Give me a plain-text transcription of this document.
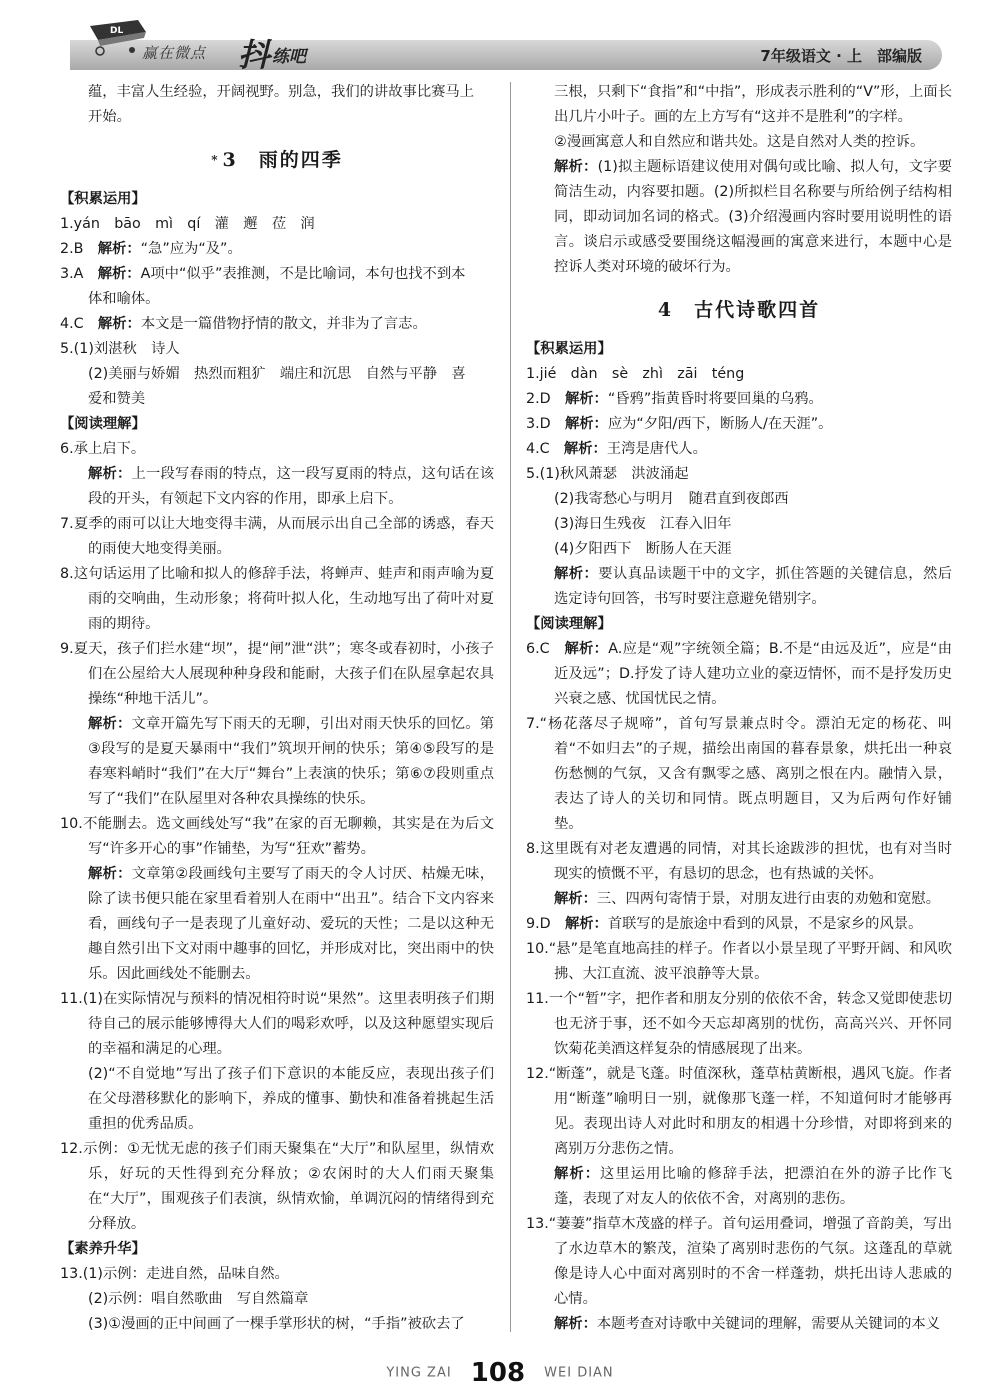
DL
赢在微点 抖 练吧	7年级语文 · 上　部编版

蕴，丰富人生经验，开阔视野。别急，我们的讲故事比赛马上

开始。

* 3　雨的四季

【积累运用】

1.yán　bāo　mì　qí　灌　邂　莅　润

2.B　解析：“急”应为“及”。

3.A　解析：A项中“似乎”表推测，不是比喻词，本句也找不到本

体和喻体。

4.C　解析：本文是一篇借物抒情的散文，并非为了言志。

5.(1)刘湛秋　诗人

(2)美丽与娇媚　热烈而粗犷　端庄和沉思　自然与平静　喜

爱和赞美

【阅读理解】

6.承上启下。

解析：上一段写春雨的特点，这一段写夏雨的特点，这句话在该段的开头，有领起下文内容的作用，即承上启下。

7.夏季的雨可以让大地变得丰满，从而展示出自己全部的诱惑，春天的雨使大地变得美丽。

8.这句话运用了比喻和拟人的修辞手法，将蝉声、蛙声和雨声喻为夏雨的交响曲，生动形象；将荷叶拟人化，生动地写出了荷叶对夏雨的期待。

9.夏天，孩子们拦水建“坝”，提“闸”泄“洪”；寒冬或春初时，小孩子们在公屋给大人展现种种身段和能耐，大孩子们在队屋拿起农具操练“种地干活儿”。

解析：文章开篇先写下雨天的无聊，引出对雨天快乐的回忆。第③段写的是夏天暴雨中“我们”筑坝开闸的快乐；第④⑤段写的是春寒料峭时“我们”在大厅“舞台”上表演的快乐；第⑥⑦段则重点写了“我们”在队屋里对各种农具操练的快乐。

10.不能删去。选文画线处写“我”在家的百无聊赖，其实是在为后文写“许多开心的事”作铺垫，为写“狂欢”蓄势。

解析：文章第②段画线句主要写了雨天的令人讨厌、枯燥无味，除了读书便只能在家里看着别人在雨中“出丑”。结合下文内容来看，画线句子一是表现了儿童好动、爱玩的天性；二是以这种无趣自然引出下文对雨中趣事的回忆，并形成对比，突出雨中的快乐。因此画线处不能删去。

11.(1)在实际情况与预料的情况相符时说“果然”。这里表明孩子们期待自己的展示能够博得大人们的喝彩欢呼，以及这种愿望实现后的幸福和满足的心理。

(2)“不自觉地”写出了孩子们下意识的本能反应，表现出孩子们在父母潜移默化的影响下，养成的懂事、勤快和准备着挑起生活重担的优秀品质。

12.示例：①无忧无虑的孩子们雨天聚集在“大厅”和队屋里，纵情欢乐，好玩的天性得到充分释放；②农闲时的大人们雨天聚集在“大厅”，围观孩子们表演，纵情欢愉，单调沉闷的情绪得到充分释放。

【素养升华】

13.(1)示例：走进自然，品味自然。

(2)示例：唱自然歌曲　写自然篇章

(3)①漫画的正中间画了一棵手掌形状的树，“手指”被砍去了

三根，只剩下“食指”和“中指”，形成表示胜利的“V”形，上面长出几片小叶子。画的左上方写有“这并不是胜利”的字样。

②漫画寓意人和自然应和谐共处。这是自然对人类的控诉。

解析：(1)拟主题标语建议使用对偶句或比喻、拟人句，文字要简洁生动，内容要扣题。(2)所拟栏目名称要与所给例子结构相同，即动词加名词的格式。(3)介绍漫画内容时要用说明性的语言。谈启示或感受要围绕这幅漫画的寓意来进行，本题中心是控诉人类对环境的破坏行为。

4　古代诗歌四首

【积累运用】

1.jié　dàn　sè　zhì　zāi　téng

2.D　解析：“昏鸦”指黄昏时将要回巢的乌鸦。

3.D　解析：应为“夕阳/西下，断肠人/在天涯”。

4.C　解析：王湾是唐代人。

5.(1)秋风萧瑟　洪波涌起

(2)我寄愁心与明月　随君直到夜郎西

(3)海日生残夜　江春入旧年

(4)夕阳西下　断肠人在天涯

解析：要认真品读题干中的文字，抓住答题的关键信息，然后选定诗句回答，书写时要注意避免错别字。

【阅读理解】

6.C　解析：A.应是“观”字统领全篇；B.不是“由远及近”，应是“由近及远”；D.抒发了诗人建功立业的豪迈情怀，而不是抒发历史兴衰之感、忧国忧民之情。

7.“杨花落尽子规啼”，首句写景兼点时令。漂泊无定的杨花、叫着“不如归去”的子规，描绘出南国的暮春景象，烘托出一种哀伤愁恻的气氛，又含有飘零之感、离别之恨在内。融情入景，表达了诗人的关切和同情。既点明题目，又为后两句作好铺垫。

8.这里既有对老友遭遇的同情，对其长途跋涉的担忧，也有对当时现实的愤慨不平，有恳切的思念，也有热诚的关怀。

解析：三、四两句寄情于景，对朋友进行由衷的劝勉和宽慰。

9.D　解析：首联写的是旅途中看到的风景，不是家乡的风景。

10.“悬”是笔直地高挂的样子。作者以小景呈现了平野开阔、和风吹拂、大江直流、波平浪静等大景。

11.一个“暂”字，把作者和朋友分别的依依不舍，转念又觉即使悲切也无济于事，还不如今天忘却离别的忧伤，高高兴兴、开怀同饮菊花美酒这样复杂的情感展现了出来。

12.“断蓬”，就是飞蓬。时值深秋，蓬草枯黄断根，遇风飞旋。作者用“断蓬”喻明日一别，就像那飞蓬一样，不知道何时才能够再见。表现出诗人对此时和朋友的相遇十分珍惜，对即将到来的离别万分悲伤之情。

解析：这里运用比喻的修辞手法，把漂泊在外的游子比作飞蓬，表现了对友人的依依不舍，对离别的悲伤。

13.“萋萋”指草木茂盛的样子。首句运用叠词，增强了音韵美，写出了水边草木的繁茂，渲染了离别时悲伤的气氛。这蓬乱的草就像是诗人心中面对离别时的不舍一样蓬勃，烘托出诗人悲戚的心情。

解析：本题考查对诗歌中关键词的理解，需要从关键词的本义

YING ZAI 108 WEI DIAN
